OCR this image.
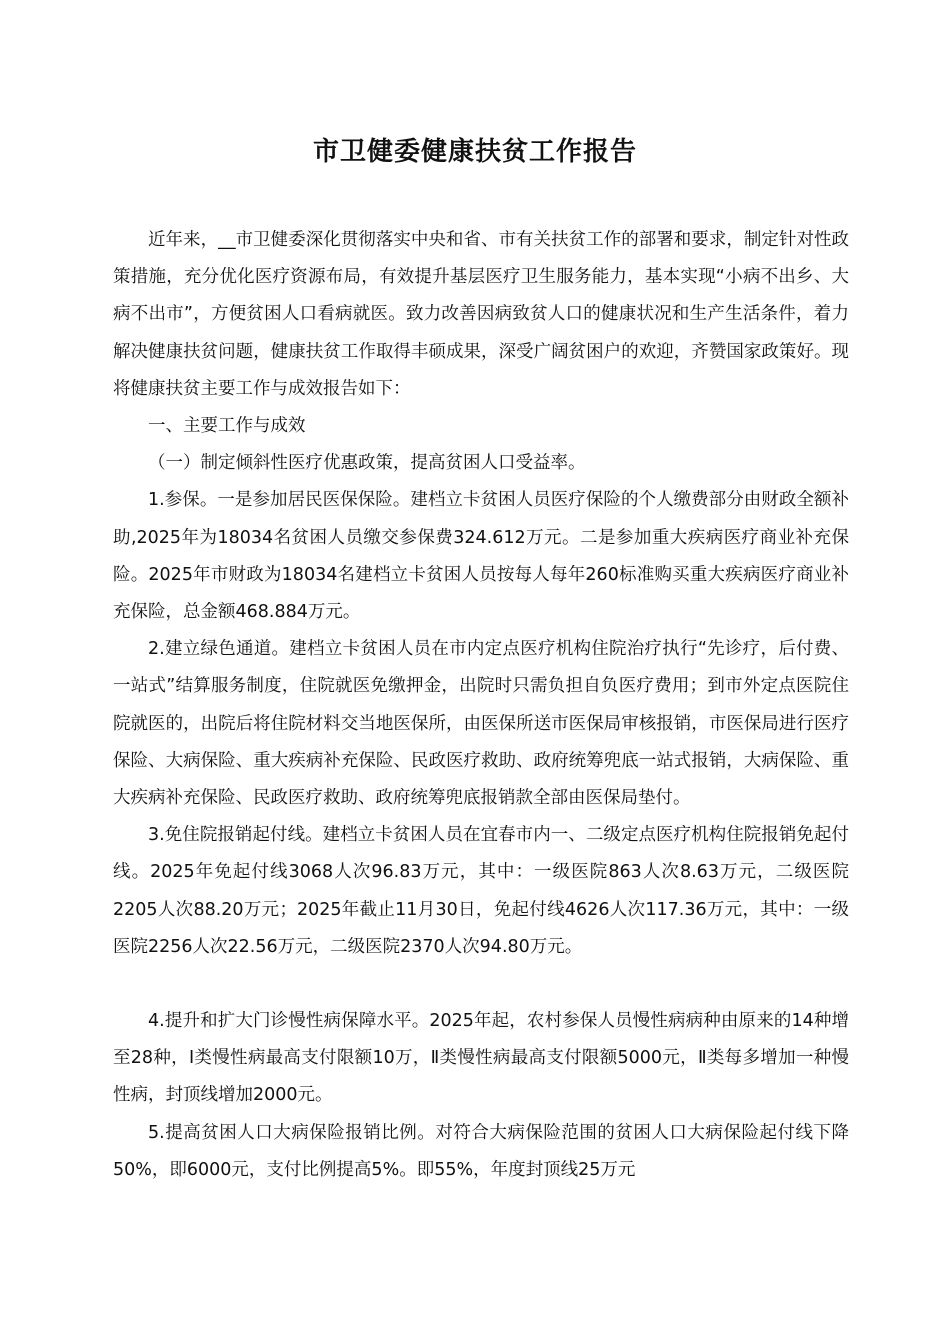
市卫健委健康扶贫工作报告

近年来，__市卫健委深化贯彻落实中央和省、市有关扶贫工作的部署和要求，制定针对性政策措施，充分优化医疗资源布局，有效提升基层医疗卫生服务能力，基本实现“小病不出乡、大病不出市”，方便贫困人口看病就医。致力改善因病致贫人口的健康状况和生产生活条件，着力解决健康扶贫问题，健康扶贫工作取得丰硕成果，深受广阔贫困户的欢迎，齐赞国家政策好。现将健康扶贫主要工作与成效报告如下：

一、主要工作与成效

（一）制定倾斜性医疗优惠政策，提高贫困人口受益率。

1.参保。一是参加居民医保保险。建档立卡贫困人员医疗保险的个人缴费部分由财政全额补助,2025年为18034名贫困人员缴交参保费324.612万元。二是参加重大疾病医疗商业补充保险。2025年市财政为18034名建档立卡贫困人员按每人每年260标准购买重大疾病医疗商业补充保险，总金额468.884万元。

2.建立绿色通道。建档立卡贫困人员在市内定点医疗机构住院治疗执行“先诊疗，后付费、一站式”结算服务制度，住院就医免缴押金，出院时只需负担自负医疗费用；到市外定点医院住院就医的，出院后将住院材料交当地医保所，由医保所送市医保局审核报销，市医保局进行医疗保险、大病保险、重大疾病补充保险、民政医疗救助、政府统筹兜底一站式报销，大病保险、重大疾病补充保险、民政医疗救助、政府统筹兜底报销款全部由医保局垫付。

3.免住院报销起付线。建档立卡贫困人员在宜春市内一、二级定点医疗机构住院报销免起付线。2025年免起付线3068人次96.83万元，其中：一级医院863人次8.63万元，二级医院2205人次88.20万元；2025年截止11月30日，免起付线4626人次117.36万元，其中：一级医院2256人次22.56万元，二级医院2370人次94.80万元。

4.提升和扩大门诊慢性病保障水平。2025年起，农村参保人员慢性病病种由原来的14种增至28种，Ⅰ类慢性病最高支付限额10万，Ⅱ类慢性病最高支付限额5000元，Ⅱ类每多增加一种慢性病，封顶线增加2000元。

5.提高贫困人口大病保险报销比例。对符合大病保险范围的贫困人口大病保险起付线下降50%，即6000元，支付比例提高5%。即55%，年度封顶线25万元
